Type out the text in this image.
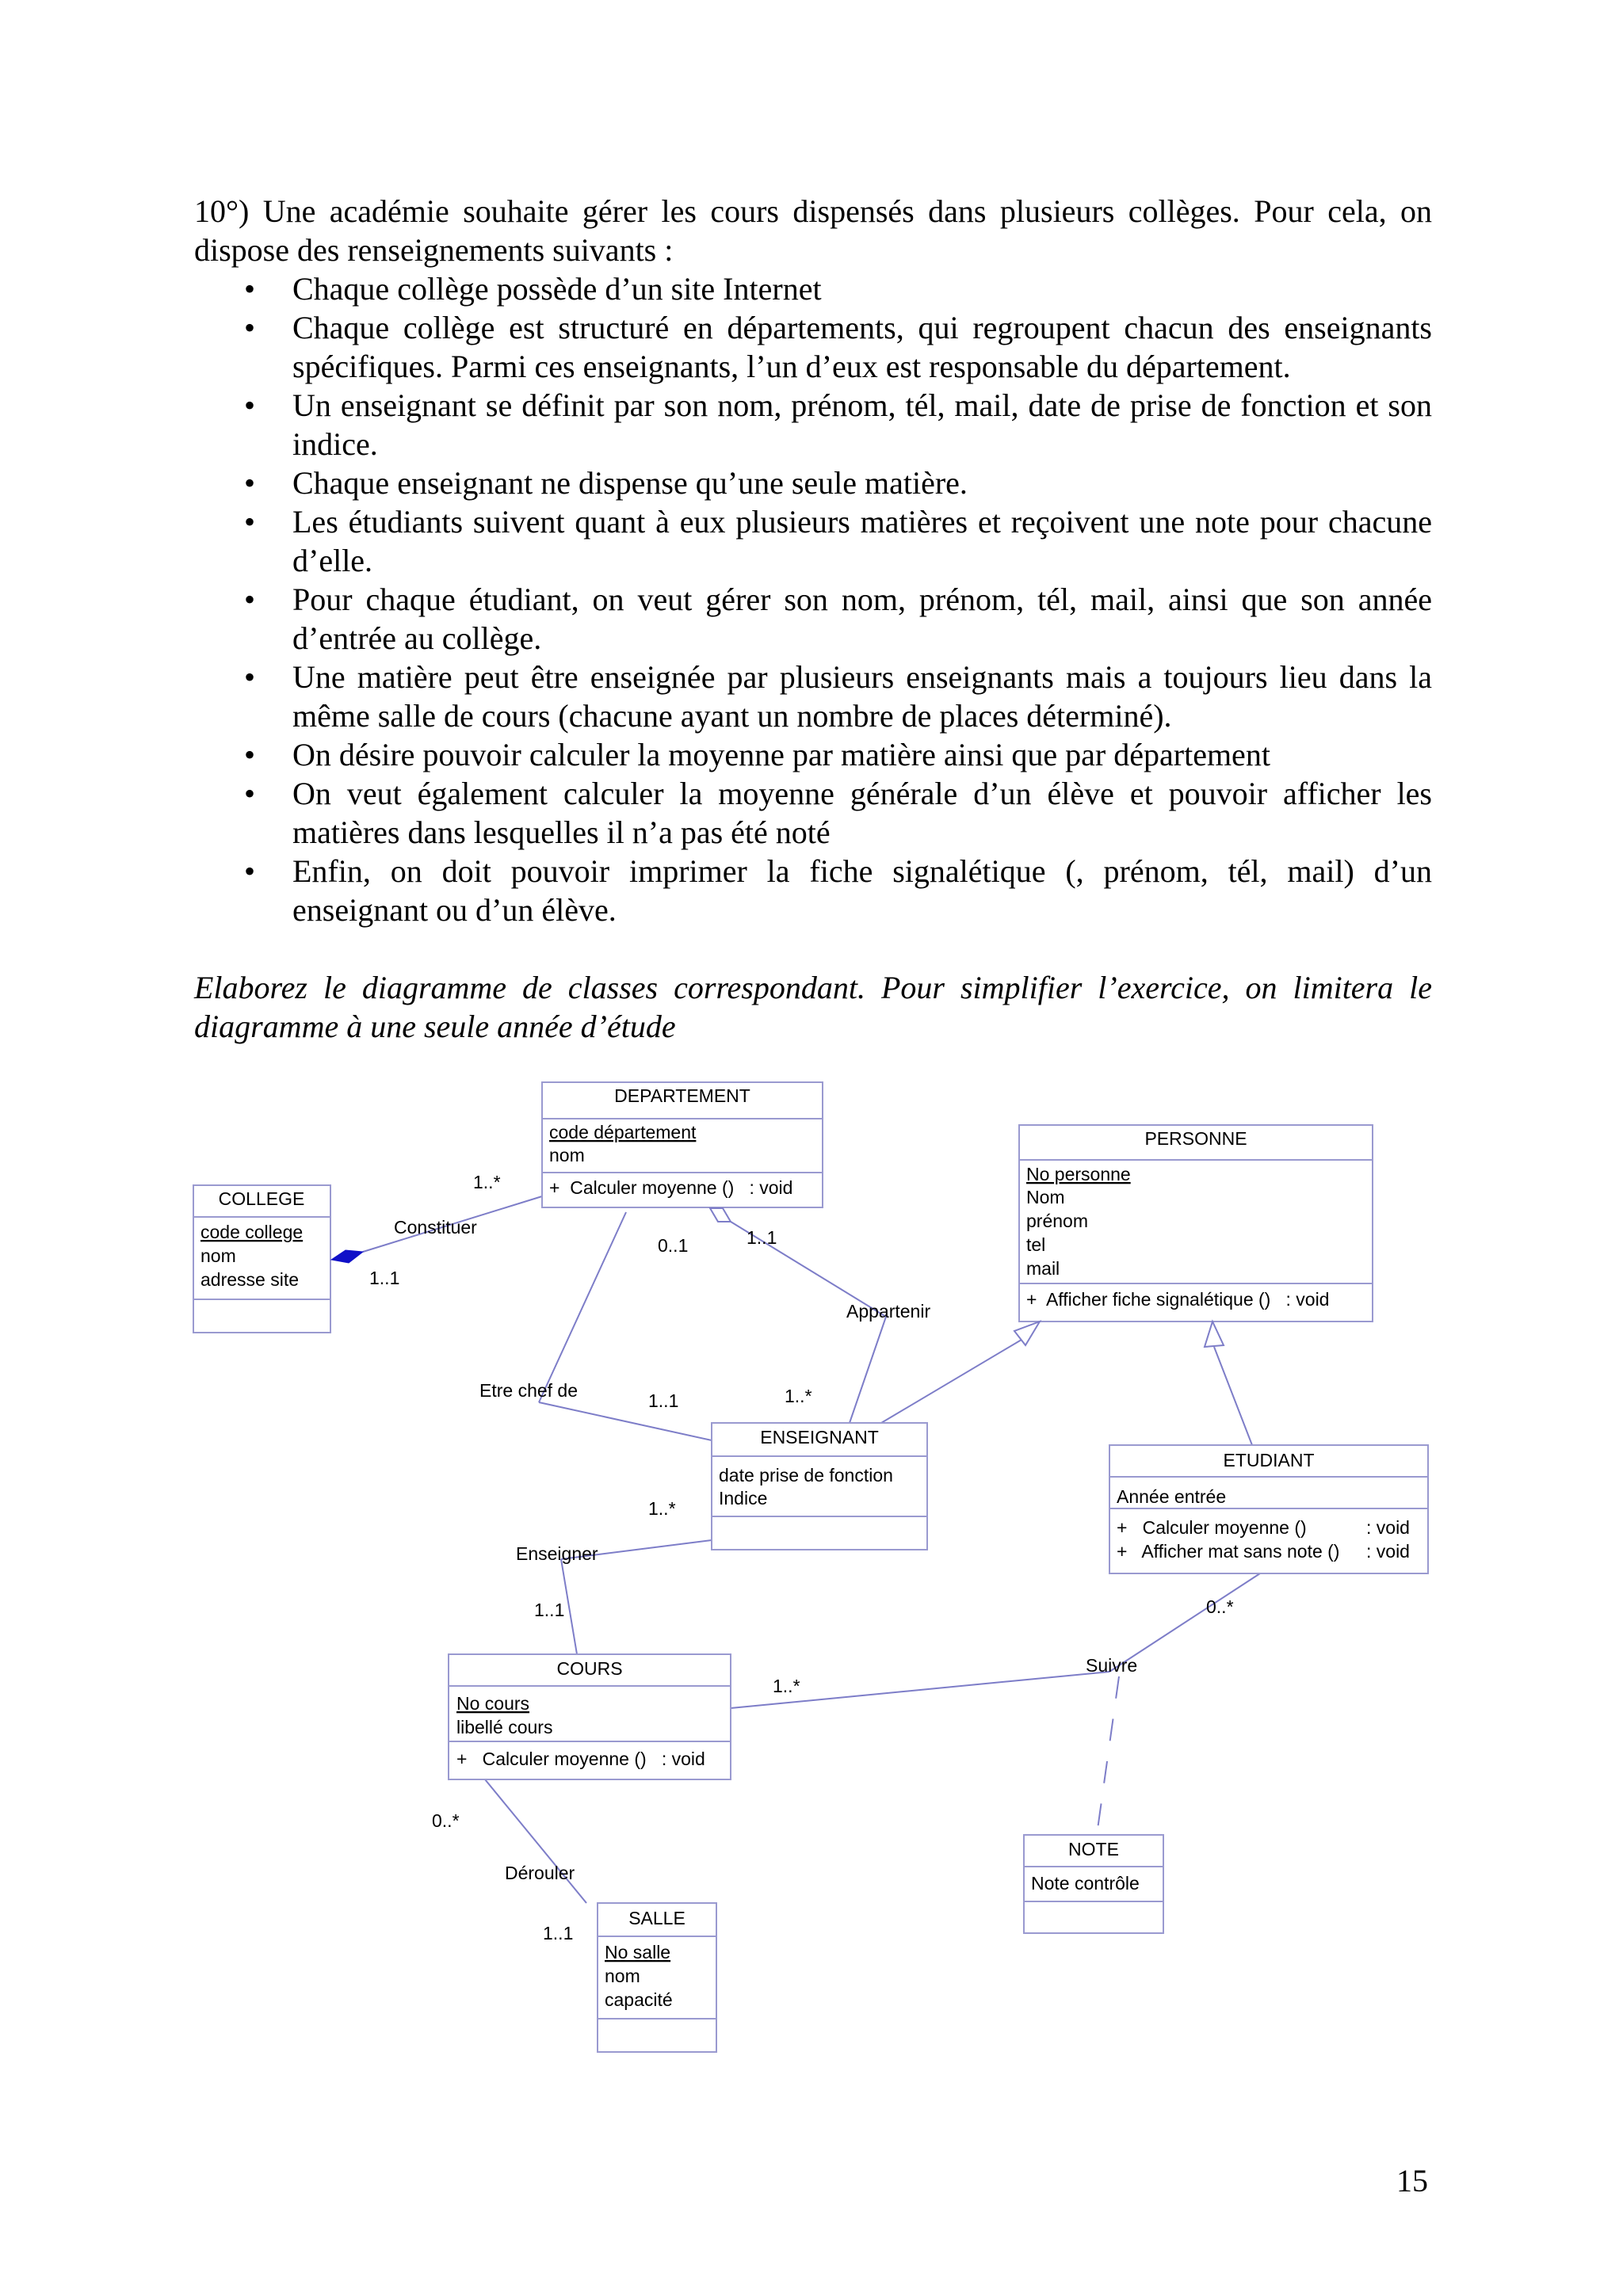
10°) Une académie souhaite gérer les cours dispensés dans plusieurs collèges. Pour cela, on dispose des renseignements suivants :
• Chaque collège possède d’un site Internet
• Chaque collège est structuré en départements, qui regroupent chacun des enseignants spécifiques. Parmi ces enseignants, l’un d’eux est responsable du département.
• Un enseignant se définit par son nom, prénom, tél, mail, date de prise de fonction et son indice.
• Chaque enseignant ne dispense qu’une seule matière.
• Les étudiants suivent quant à eux plusieurs matières et reçoivent une note pour chacune d’elle.
• Pour chaque étudiant, on veut gérer son nom, prénom, tél, mail, ainsi que son année d’entrée au collège.
• Une matière peut être enseignée par plusieurs enseignants mais a toujours lieu dans la même salle de cours (chacune ayant un nombre de places déterminé).
• On désire pouvoir calculer la moyenne par matière ainsi que par département
• On veut également calculer la moyenne générale d’un élève et pouvoir afficher les matières dans lesquelles il n’a pas été noté
• Enfin, on doit pouvoir imprimer la fiche signalétique (, prénom, tél, mail) d’un enseignant ou d’un élève.
Elaborez le diagramme de classes correspondant. Pour simplifier l’exercice, on limitera le diagramme à une seule année d’étude
DEPARTEMENT
code département
nom
+  Calculer moyenne ()   : void
PERSONNE
No personne
Nom
prénom
tel
mail
+  Afficher fiche signalétique ()   : void
COLLEGE
code college
nom
adresse site
ENSEIGNANT
date prise de fonction
Indice
ETUDIANT
Année entrée
+   Calculer moyenne ()	: void
+   Afficher mat sans note () : void
COURS
No cours
libellé cours
+   Calculer moyenne ()   : void
NOTE
Note contrôle
SALLE
No salle
nom
capacité
Constituer
Appartenir
Etre chef de
Enseigner
Suivre
Dérouler
1..*
1..1
0..1	1..1
1..1	1..*
1..*
1..1
1..*
0..*
0..*
1..1
15
